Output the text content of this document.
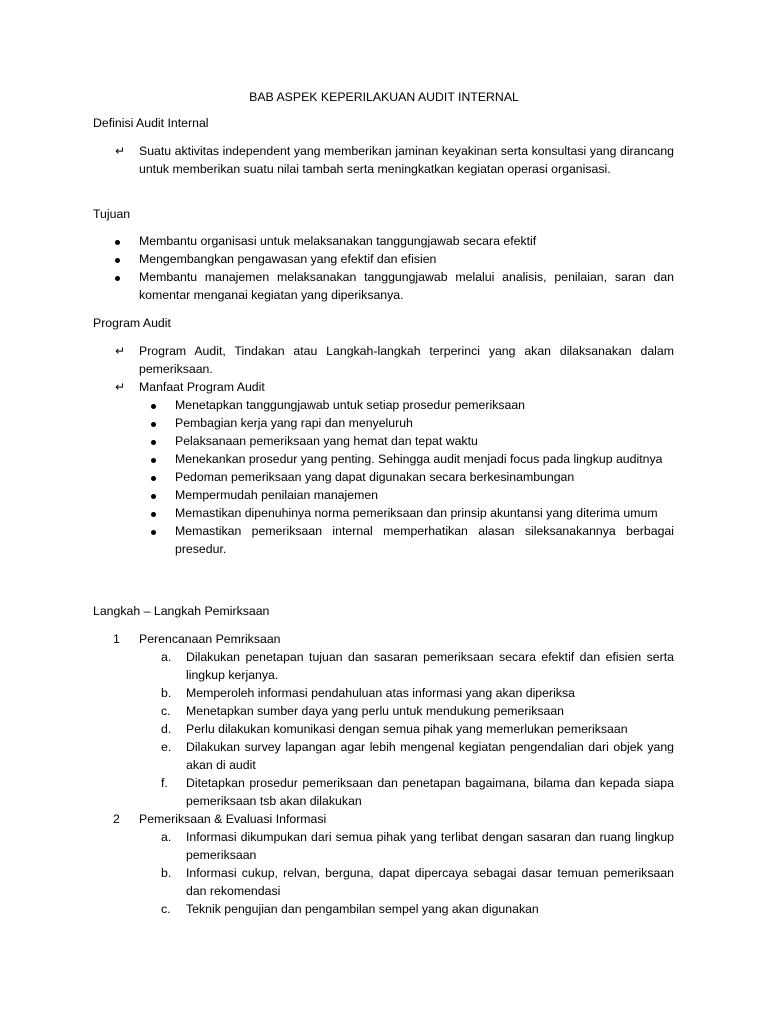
BAB ASPEK KEPERILAKUAN AUDIT INTERNAL
Definisi Audit Internal
↵	Suatu aktivitas independent yang memberikan jaminan keyakinan serta konsultasi yang dirancang untuk memberikan suatu nilai tambah serta meningkatkan kegiatan operasi organisasi.
Tujuan
Membantu organisasi untuk melaksanakan tanggungjawab secara efektif
Mengembangkan pengawasan yang efektif dan efisien
Membantu manajemen melaksanakan tanggungjawab melalui analisis, penilaian, saran dan komentar menganai kegiatan yang diperiksanya.
Program Audit
↵	Program Audit, Tindakan atau Langkah-langkah terperinci yang akan dilaksanakan dalam pemeriksaan.
↵	Manfaat Program Audit
Menetapkan tanggungjawab untuk setiap prosedur pemeriksaan
Pembagian kerja yang rapi dan menyeluruh
Pelaksanaan pemeriksaan yang hemat dan tepat waktu
Menekankan prosedur yang penting. Sehingga audit menjadi focus pada lingkup auditnya
Pedoman pemeriksaan yang dapat digunakan secara berkesinambungan
Mempermudah penilaian manajemen
Memastikan dipenuhinya norma pemeriksaan dan prinsip akuntansi yang diterima umum
Memastikan pemeriksaan internal memperhatikan alasan sileksanakannya berbagai presedur.
Langkah – Langkah Pemirksaan
1	Perencanaan Pemriksaan
a.	Dilakukan penetapan tujuan dan sasaran pemeriksaan secara efektif dan efisien serta lingkup kerjanya.
b.	Memperoleh informasi pendahuluan atas informasi yang akan diperiksa
c.	Menetapkan sumber daya yang perlu untuk mendukung pemeriksaan
d.	Perlu dilakukan komunikasi dengan semua pihak yang memerlukan pemeriksaan
e.	Dilakukan survey lapangan agar lebih mengenal kegiatan pengendalian dari objek yang akan di audit
f.	Ditetapkan prosedur pemeriksaan dan penetapan bagaimana, bilama dan kepada siapa pemeriksaan tsb akan dilakukan
2	Pemeriksaan & Evaluasi Informasi
a.	Informasi dikumpukan dari semua pihak yang terlibat dengan sasaran dan ruang lingkup pemeriksaan
b.	Informasi cukup, relvan, berguna, dapat dipercaya sebagai dasar temuan pemeriksaan dan rekomendasi
c.	Teknik pengujian dan pengambilan sempel yang akan digunakan
